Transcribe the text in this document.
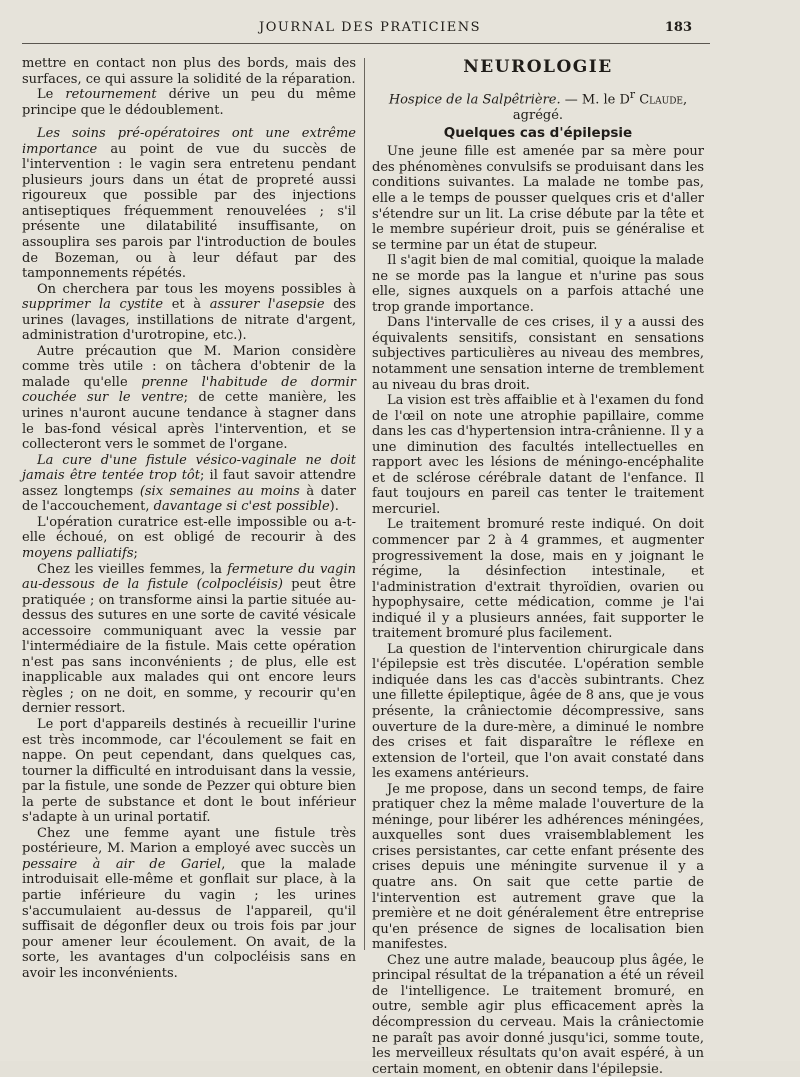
JOURNAL DES PRATICIENS	183

mettre en contact non plus des bords, mais des surfaces, ce qui assure la solidité de la réparation.

Le retournement dérive un peu du même principe que le dédoublement.

Les soins pré-opératoires ont une extrême importance au point de vue du succès de l'intervention : le vagin sera entretenu pendant plusieurs jours dans un état de propreté aussi rigoureux que possible par des injections antiseptiques fréquemment renouvelées ; s'il présente une dilatabilité insuffisante, on assouplira ses parois par l'introduction de boules de Bozeman, ou à leur défaut par des tamponnements répétés.

On cherchera par tous les moyens possibles à supprimer la cystite et à assurer l'asepsie des urines (lavages, instillations de nitrate d'argent, administration d'urotropine, etc.).

Autre précaution que M. Marion considère comme très utile : on tâchera d'obtenir de la malade qu'elle prenne l'habitude de dormir couchée sur le ventre; de cette manière, les urines n'auront aucune tendance à stagner dans le bas-fond vésical après l'intervention, et se collecteront vers le sommet de l'organe.

La cure d'une fistule vésico-vaginale ne doit jamais être tentée trop tôt; il faut savoir attendre assez longtemps (six semaines au moins à dater de l'accouchement, davantage si c'est possible).

L'opération curatrice est-elle impossible ou a-t-elle échoué, on est obligé de recourir à des moyens palliatifs;

Chez les vieilles femmes, la fermeture du vagin au-dessous de la fistule (colpocléisis) peut être pratiquée ; on transforme ainsi la partie située au-dessus des sutures en une sorte de cavité vésicale accessoire communiquant avec la vessie par l'intermédiaire de la fistule. Mais cette opération n'est pas sans inconvénients ; de plus, elle est inapplicable aux malades qui ont encore leurs règles ; on ne doit, en somme, y recourir qu'en dernier ressort.

Le port d'appareils destinés à recueillir l'urine est très incommode, car l'écoulement se fait en nappe. On peut cependant, dans quelques cas, tourner la difficulté en introduisant dans la vessie, par la fistule, une sonde de Pezzer qui obture bien la perte de substance et dont le bout inférieur s'adapte à un urinal portatif.

Chez une femme ayant une fistule très postérieure, M. Marion a employé avec succès un pessaire à air de Gariel, que la malade introduisait elle-même et gonflait sur place, à la partie inférieure du vagin ; les urines s'accumulaient au-dessus de l'appareil, qu'il suffisait de dégonfler deux ou trois fois par jour pour amener leur écoulement. On avait, de la sorte, les avantages d'un colpocléisis sans en avoir les inconvénients.

NEUROLOGIE
Hospice de la Salpêtrière. — M. le $D^r$ Claude, agrégé.
Quelques cas d'épilepsie

Une jeune fille est amenée par sa mère pour des phénomènes convulsifs se produisant dans les conditions suivantes. La malade ne tombe pas, elle a le temps de pousser quelques cris et d'aller s'étendre sur un lit. La crise débute par la tête et le membre supérieur droit, puis se généralise et se termine par un état de stupeur.

Il s'agit bien de mal comitial, quoique la malade ne se morde pas la langue et n'urine pas sous elle, signes auxquels on a parfois attaché une trop grande importance.

Dans l'intervalle de ces crises, il y a aussi des équivalents sensitifs, consistant en sensations subjectives particulières au niveau des membres, notamment une sensation interne de tremblement au niveau du bras droit.

La vision est très affaiblie et à l'examen du fond de l'œil on note une atrophie papillaire, comme dans les cas d'hypertension intra-crânienne. Il y a une diminution des facultés intellectuelles en rapport avec les lésions de méningo-encéphalite et de sclérose cérébrale datant de l'enfance. Il faut toujours en pareil cas tenter le traitement mercuriel.

Le traitement bromuré reste indiqué. On doit commencer par 2 à 4 grammes, et augmenter progressivement la dose, mais en y joignant le régime, la désinfection intestinale, et l'administration d'extrait thyroïdien, ovarien ou hypophysaire, cette médication, comme je l'ai indiqué il y a plusieurs années, fait supporter le traitement bromuré plus facilement.

La question de l'intervention chirurgicale dans l'épilepsie est très discutée. L'opération semble indiquée dans les cas d'accès subintrants. Chez une fillette épileptique, âgée de 8 ans, que je vous présente, la crâniectomie décompressive, sans ouverture de la dure-mère, a diminué le nombre des crises et fait disparaître le réflexe en extension de l'orteil, que l'on avait constaté dans les examens antérieurs.

Je me propose, dans un second temps, de faire pratiquer chez la même malade l'ouverture de la méninge, pour libérer les adhérences méningées, auxquelles sont dues vraisemblablement les crises persistantes, car cette enfant présente des crises depuis une méningite survenue il y a quatre ans. On sait que cette partie de l'intervention est autrement grave que la première et ne doit généralement être entreprise qu'en présence de signes de localisation bien manifestes.

Chez une autre malade, beaucoup plus âgée, le principal résultat de la trépanation a été un réveil de l'intelligence. Le traitement bromuré, en outre, semble agir plus efficacement après la décompression du cerveau. Mais la crâniectomie ne paraît pas avoir donné jusqu'ici, somme toute, les merveilleux résultats qu'on avait espéré, à un certain moment, en obtenir dans l'épilepsie.
